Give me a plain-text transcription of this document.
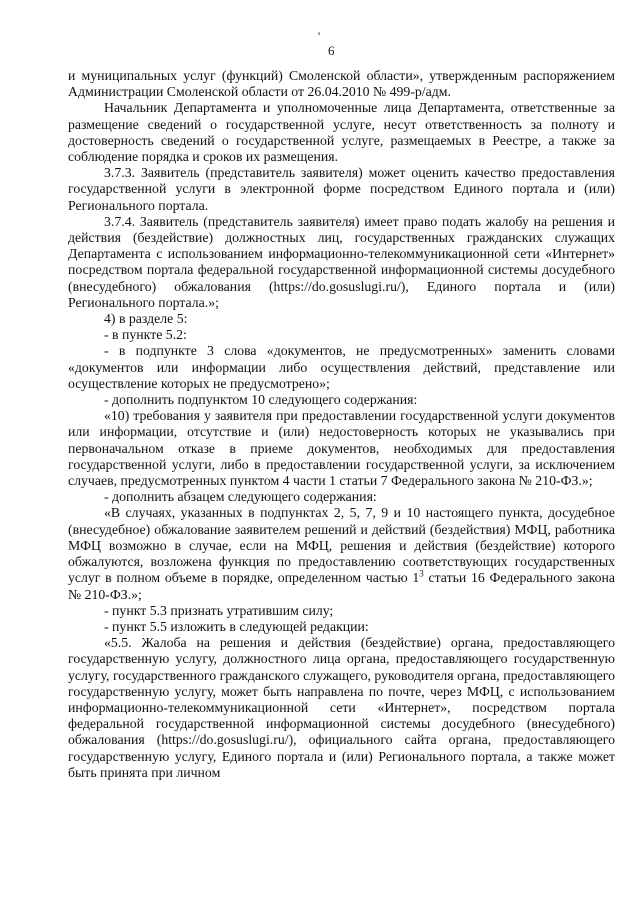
'
6

и муниципальных услуг (функций) Смоленской области», утвержденным распоряжением Администрации Смоленской области от 26.04.2010 № 499-р/адм.

Начальник Департамента и уполномоченные лица Департамента, ответственные за размещение сведений о государственной услуге, несут ответственность за полноту и достоверность сведений о государственной услуге, размещаемых в Реестре, а также за соблюдение порядка и сроков их размещения.

3.7.3. Заявитель (представитель заявителя) может оценить качество предоставления государственной услуги в электронной форме посредством Единого портала и (или) Регионального портала.

3.7.4. Заявитель (представитель заявителя) имеет право подать жалобу на решения и действия (бездействие) должностных лиц, государственных гражданских служащих Департамента с использованием информационно-телекоммуникационной сети «Интернет» посредством портала федеральной государственной информационной системы досудебного (внесудебного) обжалования (https://do.gosuslugi.ru/), Единого портала и (или) Регионального портала.»;

4) в разделе 5:

- в пункте 5.2:

- в подпункте 3 слова «документов, не предусмотренных» заменить словами «документов или информации либо осуществления действий, представление или осуществление которых не предусмотрено»;

- дополнить подпунктом 10 следующего содержания:

«10) требования у заявителя при предоставлении государственной услуги документов или информации, отсутствие и (или) недостоверность которых не указывались при первоначальном отказе в приеме документов, необходимых для предоставления государственной услуги, либо в предоставлении государственной услуги, за исключением случаев, предусмотренных пунктом 4 части 1 статьи 7 Федерального закона № 210-ФЗ.»;

- дополнить абзацем следующего содержания:

«В случаях, указанных в подпунктах 2, 5, 7, 9 и 10 настоящего пункта, досудебное (внесудебное) обжалование заявителем решений и действий (бездействия) МФЦ, работника МФЦ возможно в случае, если на МФЦ, решения и действия (бездействие) которого обжалуются, возложена функция по предоставлению соответствующих государственных услуг в полном объеме в порядке, определенном частью $1^3$ статьи 16 Федерального закона № 210-ФЗ.»;

- пункт 5.3 признать утратившим силу;

- пункт 5.5 изложить в следующей редакции:

«5.5. Жалоба на решения и действия (бездействие) органа, предоставляющего государственную услугу, должностного лица органа, предоставляющего государственную услугу, государственного гражданского служащего, руководителя органа, предоставляющего государственную услугу, может быть направлена по почте, через МФЦ, с использованием информационно-телекоммуникационной сети «Интернет», посредством портала федеральной государственной информационной системы досудебного (внесудебного) обжалования (https://do.gosuslugi.ru/), официального сайта органа, предоставляющего государственную услугу, Единого портала и (или) Регионального портала, а также может быть принята при личном
